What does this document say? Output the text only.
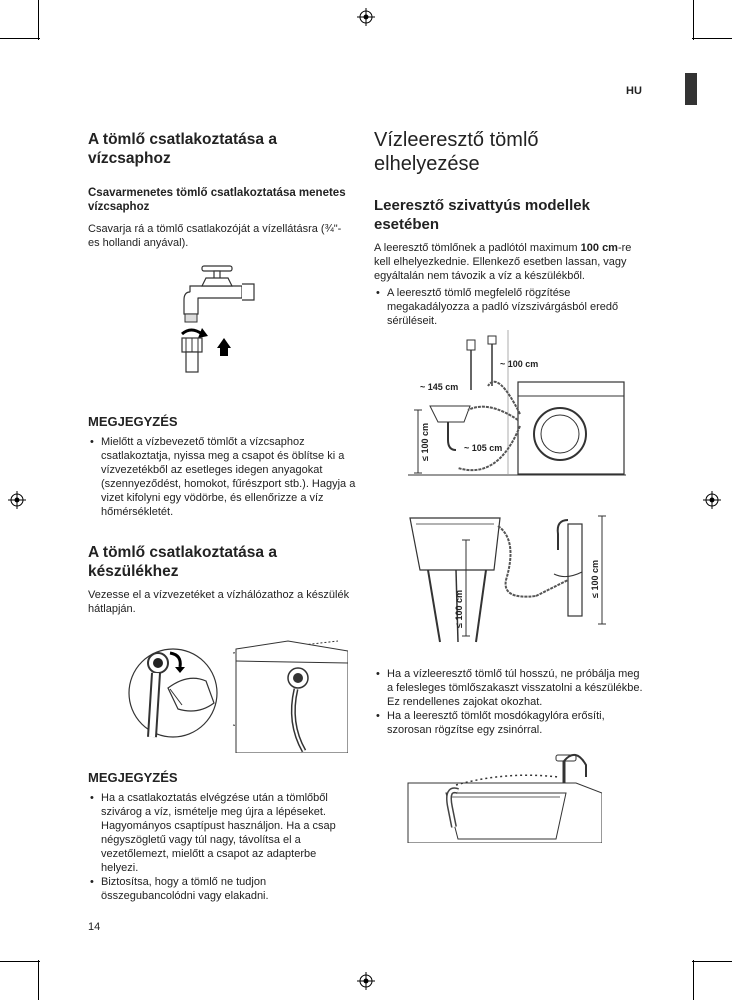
HU
A tömlő csatlakoztatása a vízcsaphoz
Csavarmenetes tömlő csatlakoztatása menetes vízcsaphoz

Csavarja rá a tömlő csatlakozóját a vízellátásra (¾"-es hollandi anyával).

MEGJEGYZÉS
• Mielőtt a vízbevezető tömlőt a vízcsaphoz csatlakoztatja, nyissa meg a csapot és öblítse ki a vízvezetékből az esetleges idegen anyagokat (szennyeződést, homokot, fűrészport stb.). Hagyja a vizet kifolyni egy vödörbe, és ellenőrizze a víz hőmérsékletét.
A tömlő csatlakoztatása a készülékhez

Vezesse el a vízvezetéket a vízhálózathoz a készülék hátlapján.

MEGJEGYZÉS
• Ha a csatlakoztatás elvégzése után a tömlőből szivárog a víz, ismételje meg újra a lépéseket. Hagyományos csaptípust használjon. Ha a csap négyszögletű vagy túl nagy, távolítsa el a vezetőlemezt, mielőtt a csapot az adapterbe helyezi.
• Biztosítsa, hogy a tömlő ne tudjon összegubancolódni vagy elakadni.
14
Vízleeresztő tömlő elhelyezése
Leeresztő szivattyús modellek esetében

A leeresztő tömlőnek a padlótól maximum 100 cm-re kell elhelyezkednie. Ellenkező esetben lassan, vagy egyáltalán nem távozik a víz a készülékből.

• A leeresztő tömlő megfelelő rögzítése megakadályozza a padló vízszivárgásból eredő sérüléseit.
≤ 100 cm
~ 100 cm
~ 145 cm
~ 105 cm
≤ 100 cm
≤ 100 cm
• Ha a vízleeresztő tömlő túl hosszú, ne próbálja meg a felesleges tömlőszakaszt visszatolni a készülékbe. Ez rendellenes zajokat okozhat.
• Ha a leeresztő tömlőt mosdókagylóra erősíti, szorosan rögzítse egy zsinórral.
